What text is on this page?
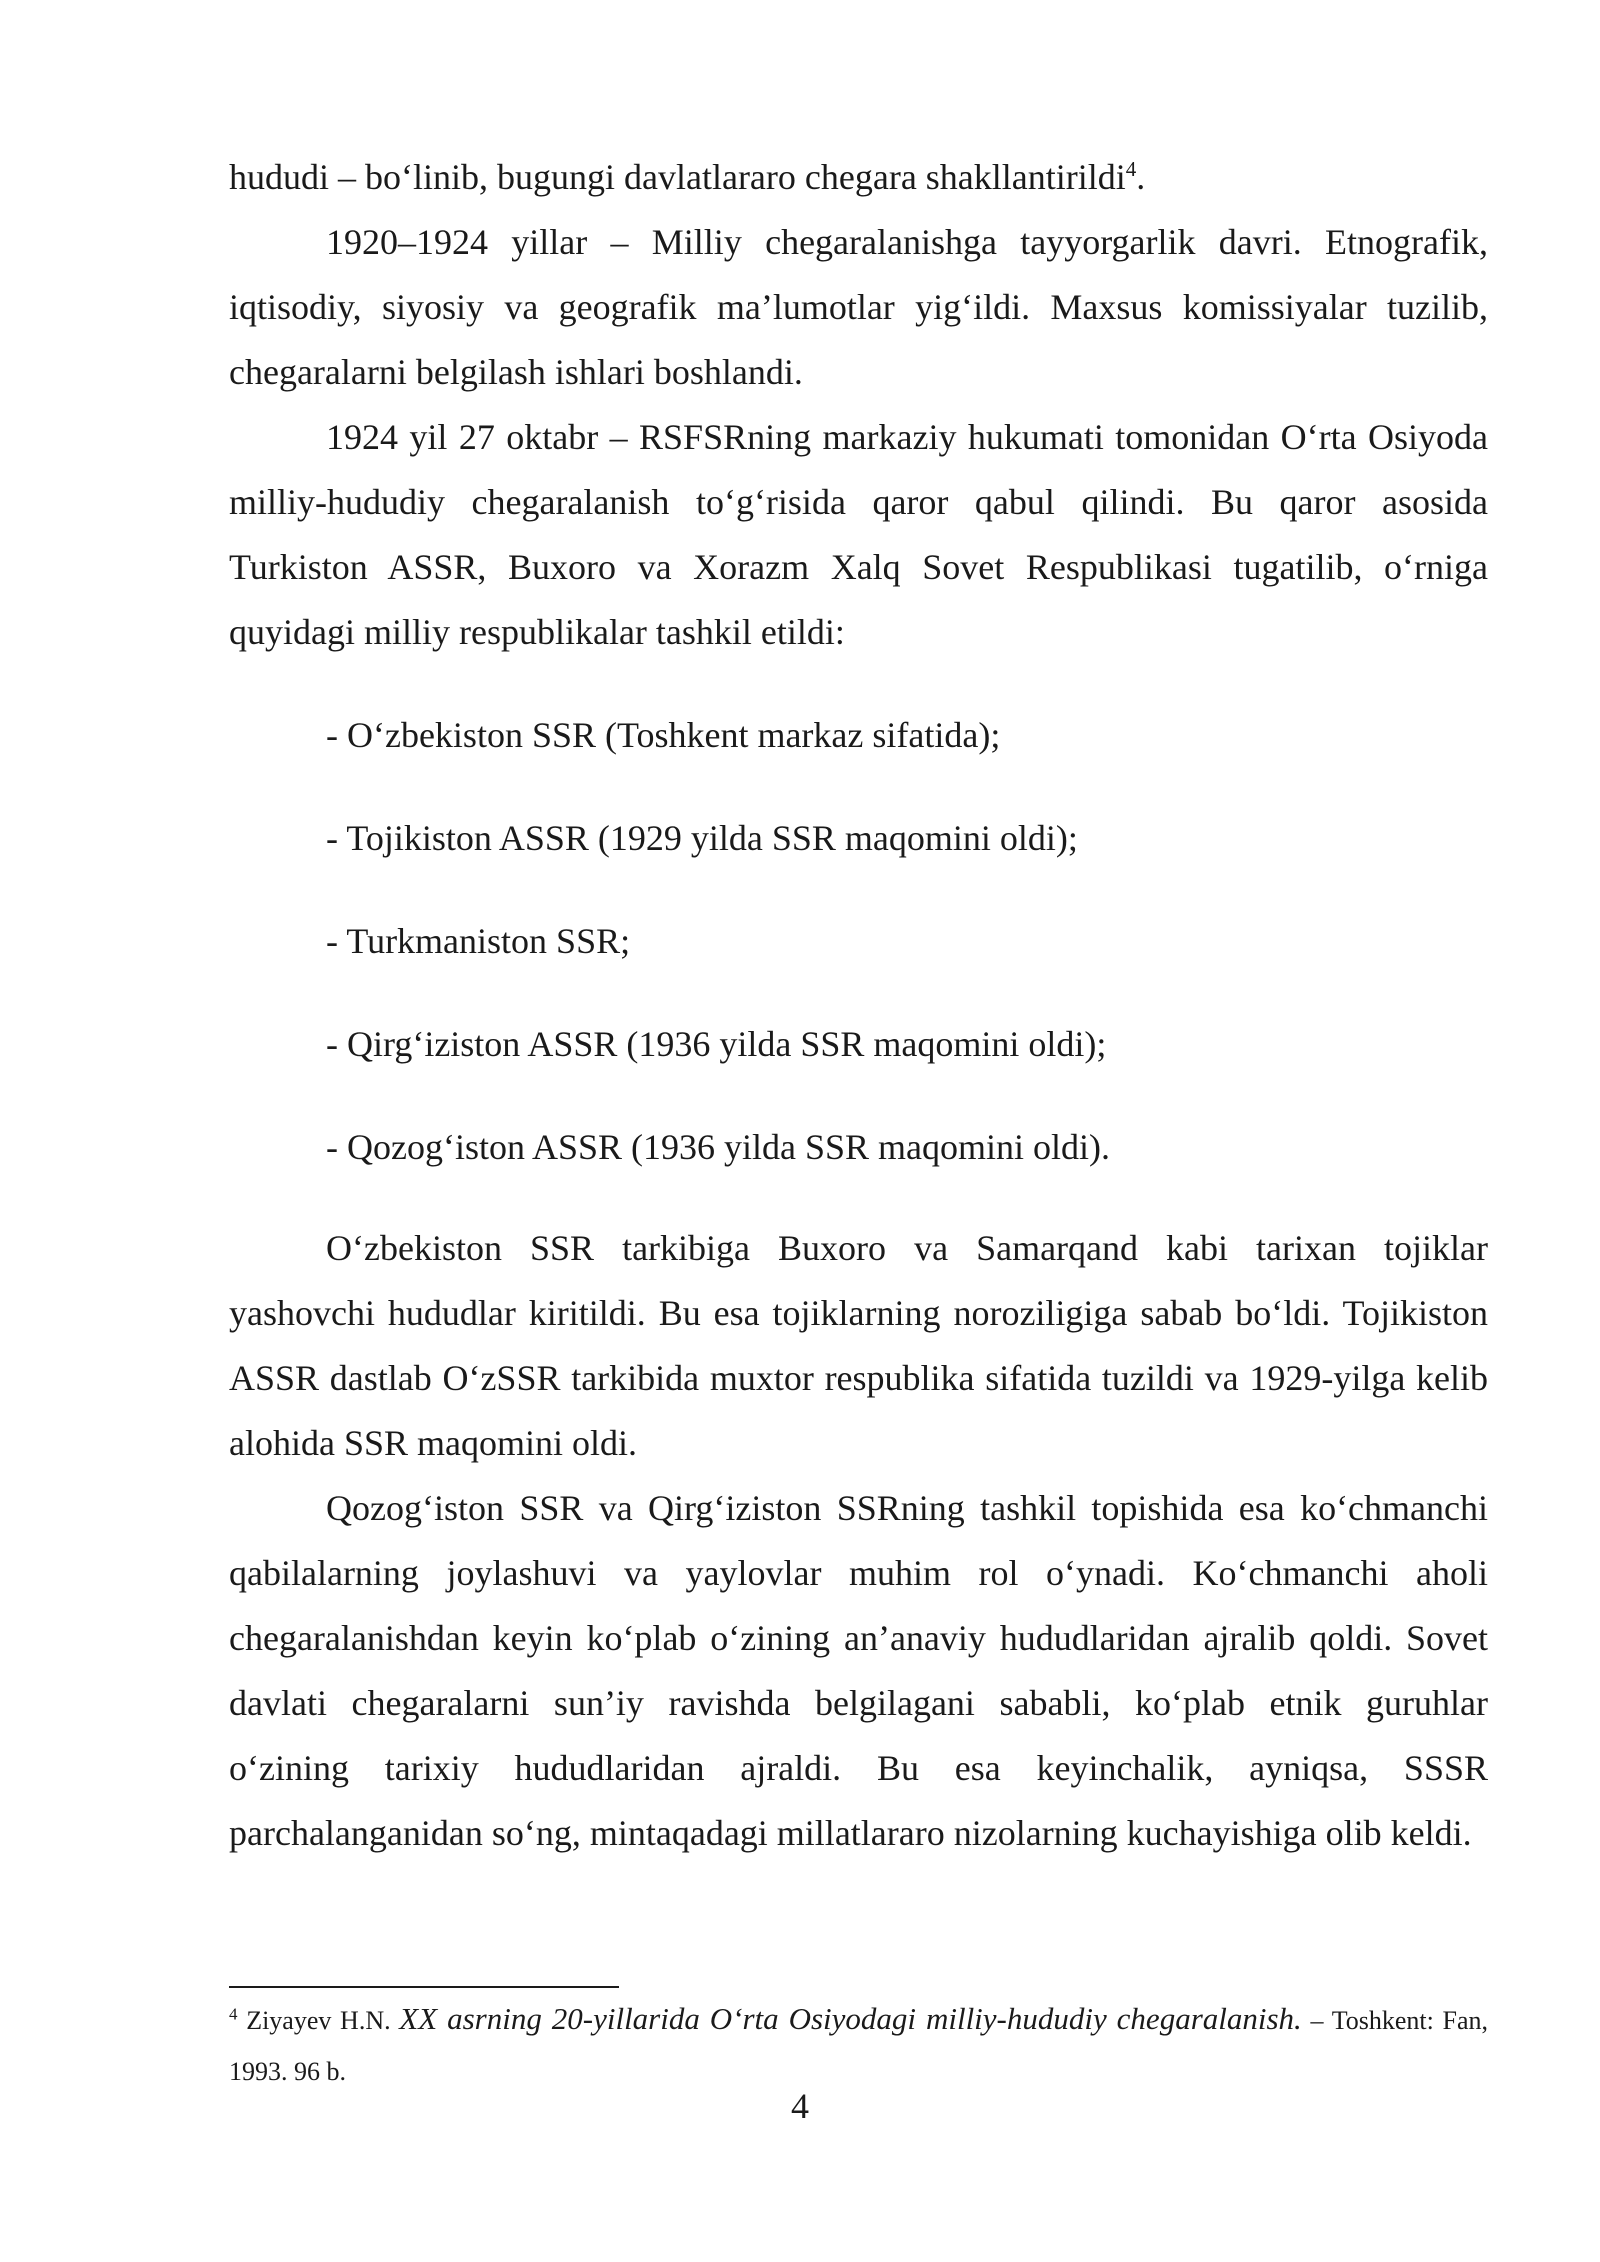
hududi – bo‘linib, bugungi davlatlararo chegara shakllantirildi$^4$.

1920–1924 yillar – Milliy chegaralanishga tayyorgarlik davri. Etnografik, iqtisodiy, siyosiy va geografik ma’lumotlar yig‘ildi. Maxsus komissiyalar tuzilib, chegaralarni belgilash ishlari boshlandi.

1924 yil 27 oktabr – RSFSRning markaziy hukumati tomonidan O‘rta Osiyoda milliy-hududiy chegaralanish to‘g‘risida qaror qabul qilindi. Bu qaror asosida Turkiston ASSR, Buxoro va Xorazm Xalq Sovet Respublikasi tugatilib, o‘rniga quyidagi milliy respublikalar tashkil etildi:

- O‘zbekiston SSR (Toshkent markaz sifatida);

- Tojikiston ASSR (1929 yilda SSR maqomini oldi);

- Turkmaniston SSR;

- Qirg‘iziston ASSR (1936 yilda SSR maqomini oldi);

- Qozog‘iston ASSR (1936 yilda SSR maqomini oldi).

O‘zbekiston SSR tarkibiga Buxoro va Samarqand kabi tarixan tojiklar yashovchi hududlar kiritildi. Bu esa tojiklarning noroziligiga sabab bo‘ldi. Tojikiston ASSR dastlab O‘zSSR tarkibida muxtor respublika sifatida tuzildi va 1929-yilga kelib alohida SSR maqomini oldi.

Qozog‘iston SSR va Qirg‘iziston SSRning tashkil topishida esa ko‘chmanchi qabilalarning joylashuvi va yaylovlar muhim rol o‘ynadi. Ko‘chmanchi aholi chegaralanishdan keyin ko‘plab o‘zining an’anaviy hududlaridan ajralib qoldi. Sovet davlati chegaralarni sun’iy ravishda belgilagani sababli, ko‘plab etnik guruhlar o‘zining tarixiy hududlaridan ajraldi. Bu esa keyinchalik, ayniqsa, SSSR parchalanganidan so‘ng, mintaqadagi millatlararo nizolarning kuchayishiga olib keldi.

$^4$ Ziyayev H.N. XX asrning 20-yillarida O‘rta Osiyodagi milliy-hududiy chegaralanish. – Toshkent: Fan, 1993. 96 b.

4
